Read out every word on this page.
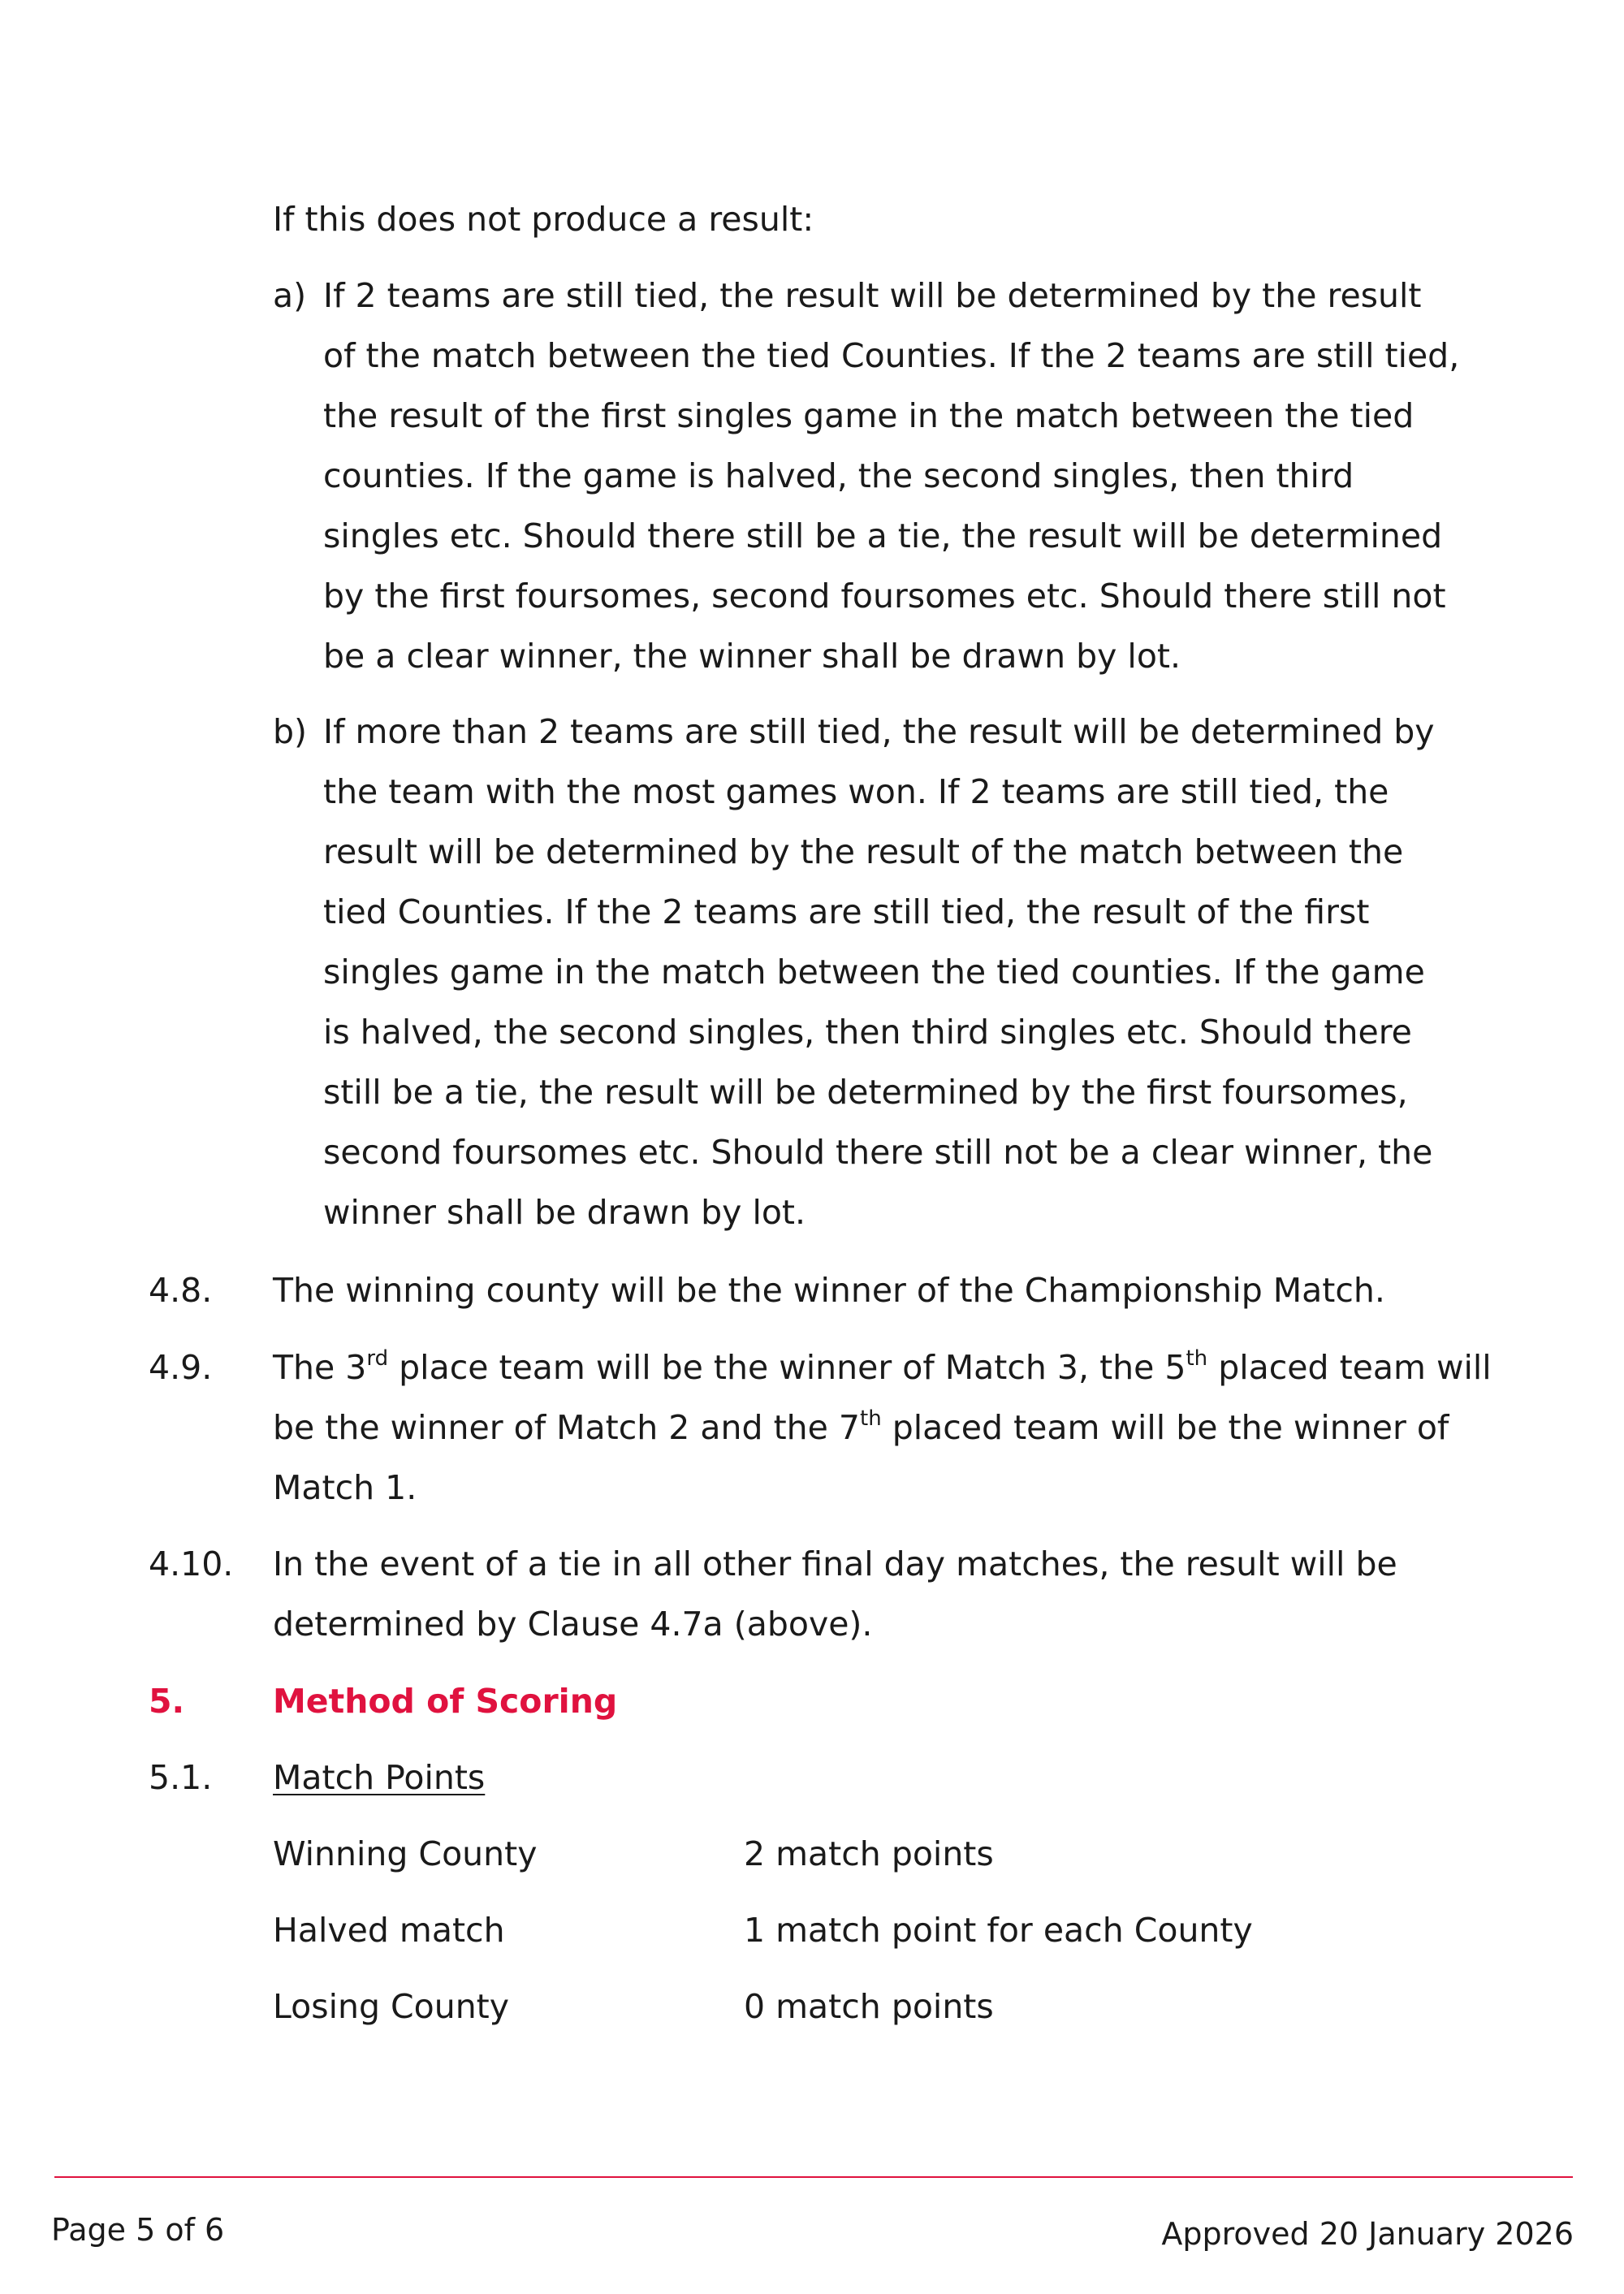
If this does not produce a result:
a) If 2 teams are still tied, the result will be determined by the result of the match between the tied Counties. If the 2 teams are still tied, the result of the first singles game in the match between the tied counties. If the game is halved, the second singles, then third singles etc. Should there still be a tie, the result will be determined by the first foursomes, second foursomes etc. Should there still not be a clear winner, the winner shall be drawn by lot.
b) If more than 2 teams are still tied, the result will be determined by the team with the most games won. If 2 teams are still tied, the result will be determined by the result of the match between the tied Counties. If the 2 teams are still tied, the result of the first singles game in the match between the tied counties. If the game is halved, the second singles, then third singles etc. Should there still be a tie, the result will be determined by the first foursomes, second foursomes etc. Should there still not be a clear winner, the winner shall be drawn by lot.
4.8. The winning county will be the winner of the Championship Match.
4.9. The 3rd place team will be the winner of Match 3, the 5th placed team will be the winner of Match 2 and the 7th placed team will be the winner of Match 1.
4.10. In the event of a tie in all other final day matches, the result will be determined by Clause 4.7a (above).
5.	Method of Scoring
5.1. Match Points
Winning County	2 match points
Halved match	1 match point for each County
Losing County	0 match points
Page 5 of 6	Approved 20 January 2026
